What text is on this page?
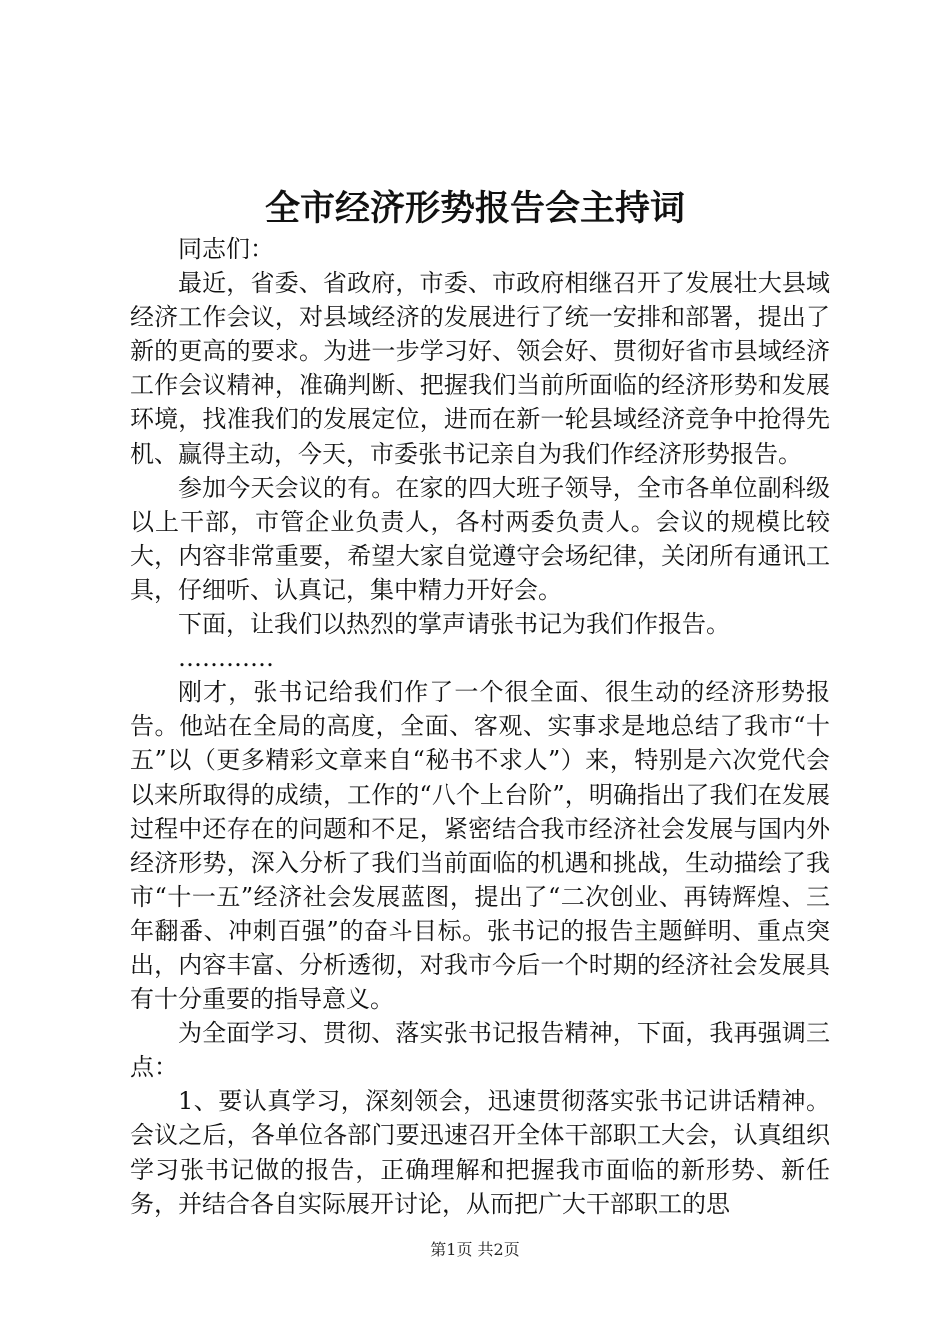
全市经济形势报告会主持词

同志们：

最近，省委、省政府，市委、市政府相继召开了发展壮大县域经济工作会议，对县域经济的发展进行了统一安排和部署，提出了新的更高的要求。为进一步学习好、领会好、贯彻好省市县域经济工作会议精神，准确判断、把握我们当前所面临的经济形势和发展环境，找准我们的发展定位，进而在新一轮县域经济竞争中抢得先机、赢得主动，今天，市委张书记亲自为我们作经济形势报告。

参加今天会议的有。在家的四大班子领导，全市各单位副科级以上干部，市管企业负责人，各村两委负责人。会议的规模比较大，内容非常重要，希望大家自觉遵守会场纪律，关闭所有通讯工具，仔细听、认真记，集中精力开好会。

下面，让我们以热烈的掌声请张书记为我们作报告。

…………

刚才，张书记给我们作了一个很全面、很生动的经济形势报告。他站在全局的高度，全面、客观、实事求是地总结了我市“十五”以（更多精彩文章来自“秘书不求人”）来，特别是六次党代会以来所取得的成绩，工作的“八个上台阶”，明确指出了我们在发展过程中还存在的问题和不足，紧密结合我市经济社会发展与国内外经济形势，深入分析了我们当前面临的机遇和挑战，生动描绘了我市“十一五”经济社会发展蓝图，提出了“二次创业、再铸辉煌、三年翻番、冲刺百强”的奋斗目标。张书记的报告主题鲜明、重点突出，内容丰富、分析透彻，对我市今后一个时期的经济社会发展具有十分重要的指导意义。

为全面学习、贯彻、落实张书记报告精神，下面，我再强调三点：

1、要认真学习，深刻领会，迅速贯彻落实张书记讲话精神。会议之后，各单位各部门要迅速召开全体干部职工大会，认真组织学习张书记做的报告，正确理解和把握我市面临的新形势、新任务，并结合各自实际展开讨论，从而把广大干部职工的思

第1页 共2页
